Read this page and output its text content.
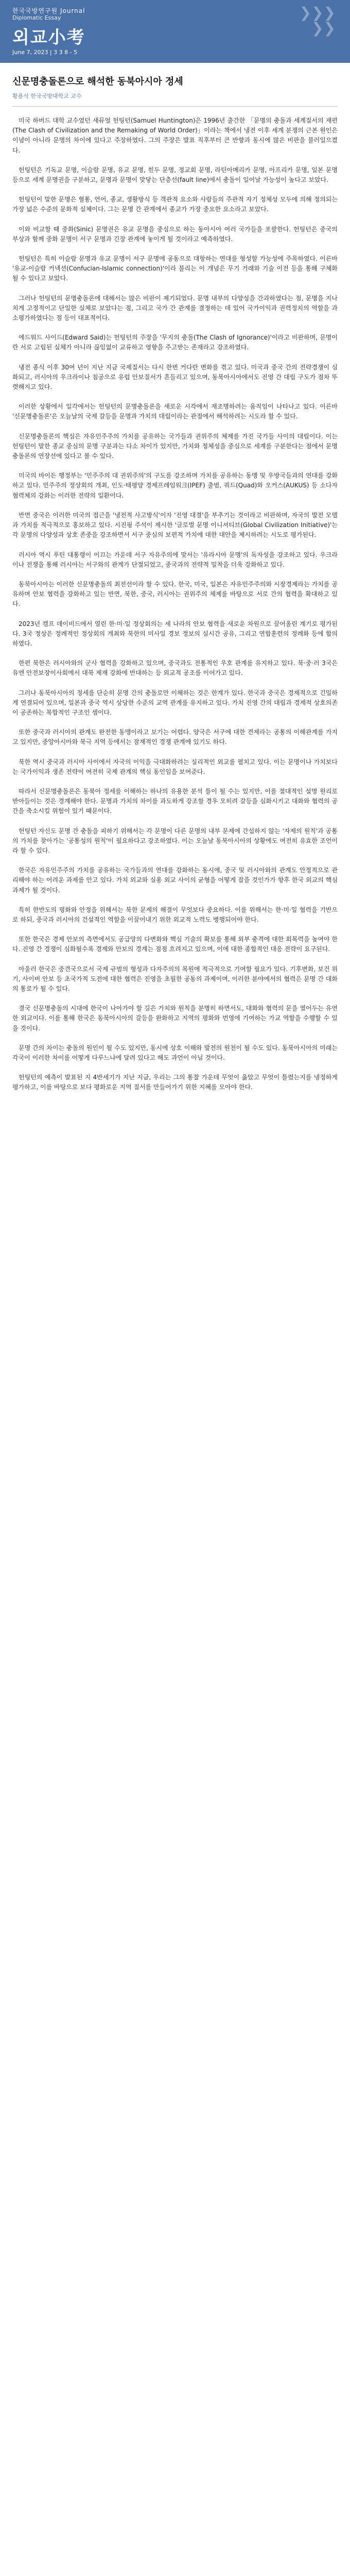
한국국방연구원 Journal
Diplomatic Essay
외교小考
June 7, 2023 | 3 3 8 - 5
❯❯❯
❯❯
신문명충돌론으로 해석한 동북아시아 정세
황용식 한국국방대학교 교수

미국 하버드 대학 교수였던 새뮤얼 헌팅턴(Samuel Huntington)은 1996년 출간한 「문명의 충돌과 세계질서의 재편(The Clash of Civilization and the Remaking of World Order)」이라는 책에서 냉전 이후 세계 분쟁의 근본 원인은 이념이 아니라 문명의 차이에 있다고 주장하였다. 그의 주장은 발표 직후부터 큰 반향과 동시에 많은 비판을 불러일으켰다.

헌팅턴은 기독교 문명, 이슬람 문명, 유교 문명, 힌두 문명, 정교회 문명, 라틴아메리카 문명, 아프리카 문명, 일본 문명 등으로 세계 문명권을 구분하고, 문명과 문명이 맞닿는 단층선(fault line)에서 충돌이 일어날 가능성이 높다고 보았다.

헌팅턴이 말한 문명은 혈통, 언어, 종교, 생활방식 등 객관적 요소와 사람들의 주관적 자기 정체성 모두에 의해 정의되는 가장 넓은 수준의 문화적 실체이다. 그는 문명 간 관계에서 종교가 가장 중요한 요소라고 보았다.

이와 비교할 때 중화(Sinic) 문명권은 유교 문명을 중심으로 하는 동아시아 여러 국가들을 포괄한다. 헌팅턴은 중국의 부상과 함께 중화 문명이 서구 문명과 긴장 관계에 놓이게 될 것이라고 예측하였다.

헌팅턴은 특히 이슬람 문명과 유교 문명이 서구 문명에 공동으로 대항하는 연대를 형성할 가능성에 주목하였다. 이른바 '유교-이슬람 커넥션(Confucian-Islamic connection)'이라 불리는 이 개념은 무기 거래와 기술 이전 등을 통해 구체화될 수 있다고 보았다.

그러나 헌팅턴의 문명충돌론에 대해서는 많은 비판이 제기되었다. 문명 내부의 다양성을 간과하였다는 점, 문명을 지나치게 고정적이고 단일한 실체로 보았다는 점, 그리고 국가 간 관계를 결정하는 데 있어 국가이익과 권력정치의 역할을 과소평가하였다는 점 등이 대표적이다.

에드워드 사이드(Edward Said)는 헌팅턴의 주장을 '무지의 충돌(The Clash of Ignorance)'이라고 비판하며, 문명이란 서로 고립된 실체가 아니라 끊임없이 교류하고 영향을 주고받는 존재라고 강조하였다.

냉전 종식 이후 30여 년이 지난 지금 국제질서는 다시 한번 커다란 변화를 겪고 있다. 미국과 중국 간의 전략경쟁이 심화되고, 러시아의 우크라이나 침공으로 유럽 안보질서가 흔들리고 있으며, 동북아시아에서도 진영 간 대립 구도가 점차 뚜렷해지고 있다.

이러한 상황에서 일각에서는 헌팅턴의 문명충돌론을 새로운 시각에서 재조명하려는 움직임이 나타나고 있다. 이른바 '신문명충돌론'은 오늘날의 국제 갈등을 문명과 가치의 대립이라는 관점에서 해석하려는 시도라 할 수 있다.

신문명충돌론의 핵심은 자유민주주의 가치를 공유하는 국가들과 권위주의 체제를 가진 국가들 사이의 대립이다. 이는 헌팅턴이 말한 종교 중심의 문명 구분과는 다소 차이가 있지만, 가치와 정체성을 중심으로 세계를 구분한다는 점에서 문명충돌론의 연장선에 있다고 볼 수 있다.

미국의 바이든 행정부는 '민주주의 대 권위주의'의 구도를 강조하며 가치를 공유하는 동맹 및 우방국들과의 연대를 강화하고 있다. 민주주의 정상회의 개최, 인도·태평양 경제프레임워크(IPEF) 출범, 쿼드(Quad)와 오커스(AUKUS) 등 소다자 협력체의 강화는 이러한 전략의 일환이다.

반면 중국은 이러한 미국의 접근을 '냉전적 사고방식'이자 '진영 대결'을 부추기는 것이라고 비판하며, 자국의 발전 모델과 가치를 적극적으로 홍보하고 있다. 시진핑 주석이 제시한 '글로벌 문명 이니셔티브(Global Civilization Initiative)'는 각 문명의 다양성과 상호 존중을 강조하면서 서구 중심의 보편적 가치에 대한 대안을 제시하려는 시도로 평가된다.

러시아 역시 푸틴 대통령이 이끄는 가운데 서구 자유주의에 맞서는 '유라시아 문명'의 독자성을 강조하고 있다. 우크라이나 전쟁을 통해 러시아는 서구와의 관계가 단절되었고, 중국과의 전략적 밀착을 더욱 강화하고 있다.

동북아시아는 이러한 신문명충돌의 최전선이라 할 수 있다. 한국, 미국, 일본은 자유민주주의와 시장경제라는 가치를 공유하며 안보 협력을 강화하고 있는 반면, 북한, 중국, 러시아는 권위주의 체제를 바탕으로 서로 간의 협력을 확대하고 있다.

2023년 캠프 데이비드에서 열린 한·미·일 정상회의는 세 나라의 안보 협력을 새로운 차원으로 끌어올린 계기로 평가된다. 3국 정상은 정례적인 정상회의 개최와 북한의 미사일 경보 정보의 실시간 공유, 그리고 연합훈련의 정례화 등에 합의하였다.

한편 북한은 러시아와의 군사 협력을 강화하고 있으며, 중국과도 전통적인 우호 관계를 유지하고 있다. 북·중·러 3국은 유엔 안전보장이사회에서 대북 제재 강화에 반대하는 등 외교적 공조를 이어가고 있다.

그러나 동북아시아의 정세를 단순히 문명 간의 충돌로만 이해하는 것은 한계가 있다. 한국과 중국은 경제적으로 긴밀하게 연결되어 있으며, 일본과 중국 역시 상당한 수준의 교역 관계를 유지하고 있다. 가치 진영 간의 대립과 경제적 상호의존이 공존하는 복합적인 구조인 셈이다.

또한 중국과 러시아의 관계도 완전한 동맹이라고 보기는 어렵다. 양국은 서구에 대한 견제라는 공통의 이해관계를 가지고 있지만, 중앙아시아와 북극 지역 등에서는 잠재적인 경쟁 관계에 있기도 하다.

북한 역시 중국과 러시아 사이에서 자국의 이익을 극대화하려는 실리적인 외교를 펼치고 있다. 이는 문명이나 가치보다는 국가이익과 생존 전략이 여전히 국제 관계의 핵심 동인임을 보여준다.

따라서 신문명충돌론은 동북아 정세를 이해하는 하나의 유용한 분석 틀이 될 수는 있지만, 이를 절대적인 설명 원리로 받아들이는 것은 경계해야 한다. 문명과 가치의 차이를 과도하게 강조할 경우 오히려 갈등을 심화시키고 대화와 협력의 공간을 축소시킬 위험이 있기 때문이다.

헌팅턴 자신도 문명 간 충돌을 피하기 위해서는 각 문명이 다른 문명의 내부 문제에 간섭하지 않는 '자제의 원칙'과 공통의 가치를 찾아가는 '공통성의 원칙'이 필요하다고 강조하였다. 이는 오늘날 동북아시아의 상황에도 여전히 유효한 조언이라 할 수 있다.

한국은 자유민주주의 가치를 공유하는 국가들과의 연대를 강화하는 동시에, 중국 및 러시아와의 관계도 안정적으로 관리해야 하는 어려운 과제를 안고 있다. 가치 외교와 실용 외교 사이의 균형을 어떻게 잡을 것인가가 향후 한국 외교의 핵심 과제가 될 것이다.

특히 한반도의 평화와 안정을 위해서는 북한 문제의 해결이 무엇보다 중요하다. 이를 위해서는 한·미·일 협력을 기반으로 하되, 중국과 러시아의 건설적인 역할을 이끌어내기 위한 외교적 노력도 병행되어야 한다.

또한 한국은 경제 안보의 측면에서도 공급망의 다변화와 핵심 기술의 확보를 통해 외부 충격에 대한 회복력을 높여야 한다. 진영 간 경쟁이 심화될수록 경제와 안보의 경계는 점점 흐려지고 있으며, 이에 대한 종합적인 대응 전략이 요구된다.

아울러 한국은 중견국으로서 국제 규범의 형성과 다자주의의 복원에 적극적으로 기여할 필요가 있다. 기후변화, 보건 위기, 사이버 안보 등 초국가적 도전에 대한 협력은 진영을 초월한 공동의 과제이며, 이러한 분야에서의 협력은 문명 간 대화의 통로가 될 수 있다.

결국 신문명충돌의 시대에 한국이 나아가야 할 길은 가치와 원칙을 분명히 하면서도, 대화와 협력의 문을 열어두는 유연한 외교이다. 이를 통해 한국은 동북아시아의 갈등을 완화하고 지역의 평화와 번영에 기여하는 가교 역할을 수행할 수 있을 것이다.

문명 간의 차이는 충돌의 원인이 될 수도 있지만, 동시에 상호 이해와 발전의 원천이 될 수도 있다. 동북아시아의 미래는 각국이 이러한 차이를 어떻게 다루느냐에 달려 있다고 해도 과언이 아닐 것이다.

헌팅턴의 예측이 발표된 지 4반세기가 지난 지금, 우리는 그의 통찰 가운데 무엇이 옳았고 무엇이 틀렸는지를 냉정하게 평가하고, 이를 바탕으로 보다 평화로운 지역 질서를 만들어가기 위한 지혜를 모아야 한다.
